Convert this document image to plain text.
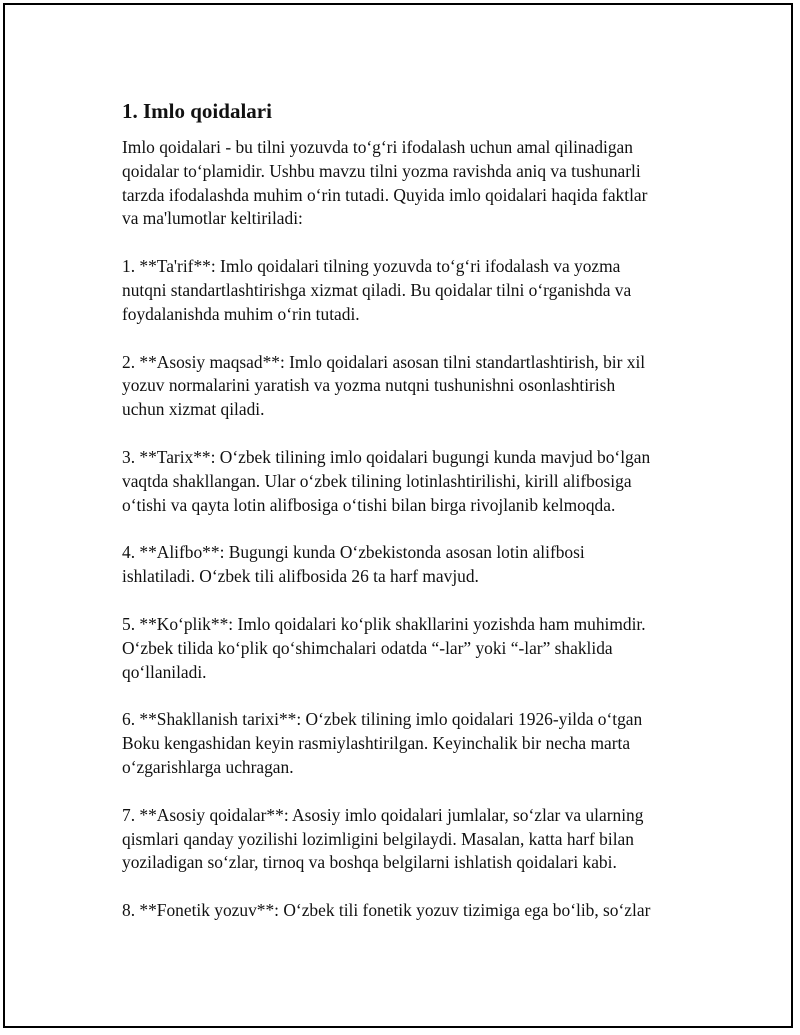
1. Imlo qoidalari

Imlo qoidalari - bu tilni yozuvda to‘g‘ri ifodalash uchun amal qilinadigan
qoidalar to‘plamidir. Ushbu mavzu tilni yozma ravishda aniq va tushunarli
tarzda ifodalashda muhim o‘rin tutadi. Quyida imlo qoidalari haqida faktlar
va ma'lumotlar keltiriladi:

1. **Ta'rif**: Imlo qoidalari tilning yozuvda to‘g‘ri ifodalash va yozma
nutqni standartlashtirishga xizmat qiladi. Bu qoidalar tilni o‘rganishda va
foydalanishda muhim o‘rin tutadi.

2. **Asosiy maqsad**: Imlo qoidalari asosan tilni standartlashtirish, bir xil
yozuv normalarini yaratish va yozma nutqni tushunishni osonlashtirish
uchun xizmat qiladi.

3. **Tarix**: O‘zbek tilining imlo qoidalari bugungi kunda mavjud bo‘lgan
vaqtda shakllangan. Ular o‘zbek tilining lotinlashtirilishi, kirill alifbosiga
o‘tishi va qayta lotin alifbosiga o‘tishi bilan birga rivojlanib kelmoqda.

4. **Alifbo**: Bugungi kunda O‘zbekistonda asosan lotin alifbosi
ishlatiladi. O‘zbek tili alifbosida 26 ta harf mavjud.

5. **Ko‘plik**: Imlo qoidalari ko‘plik shakllarini yozishda ham muhimdir.
O‘zbek tilida ko‘plik qo‘shimchalari odatda “-lar” yoki “-lar” shaklida
qo‘llaniladi.

6. **Shakllanish tarixi**: O‘zbek tilining imlo qoidalari 1926-yilda o‘tgan
Boku kengashidan keyin rasmiylashtirilgan. Keyinchalik bir necha marta
o‘zgarishlarga uchragan.

7. **Asosiy qoidalar**: Asosiy imlo qoidalari jumlalar, so‘zlar va ularning
qismlari qanday yozilishi lozimligini belgilaydi. Masalan, katta harf bilan
yoziladigan so‘zlar, tirnoq va boshqa belgilarni ishlatish qoidalari kabi.

8. **Fonetik yozuv**: O‘zbek tili fonetik yozuv tizimiga ega bo‘lib, so‘zlar
